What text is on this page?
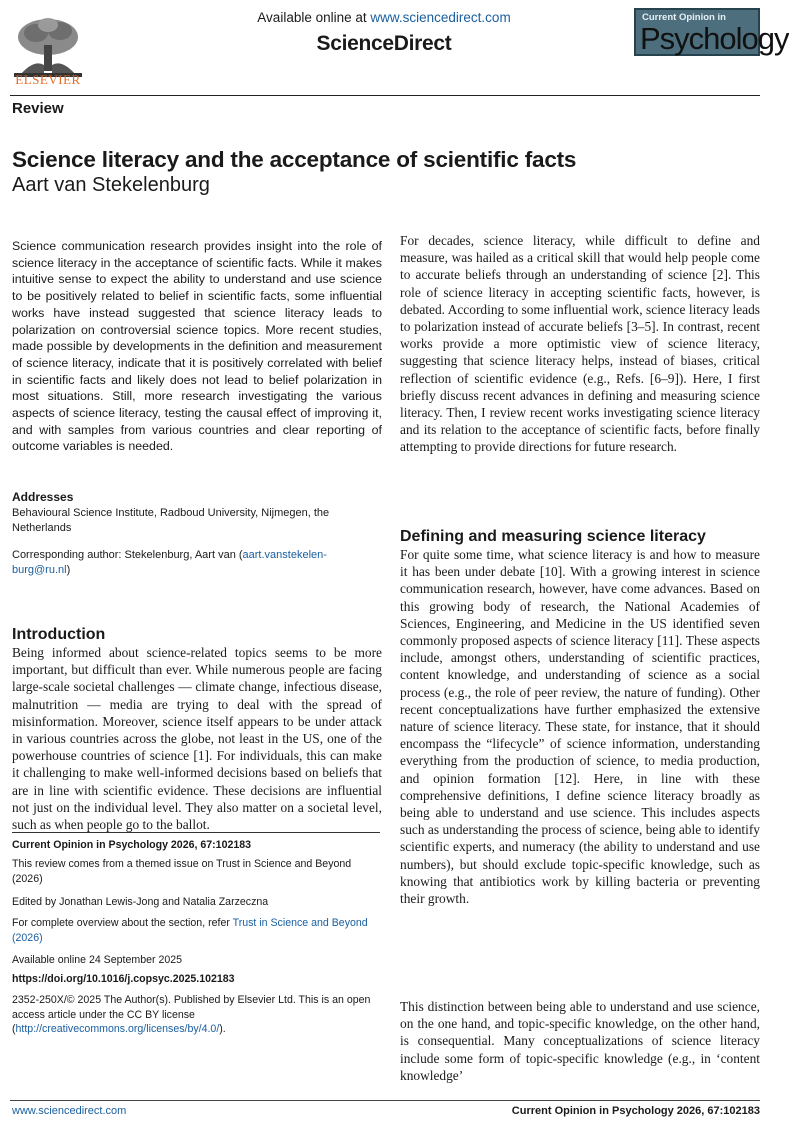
ELSEVIER
Available online at www.sciencedirect.com
ScienceDirect
Current Opinion in
Psychology
Review
Science literacy and the acceptance of scientific facts
Aart van Stekelenburg
Science communication research provides insight into the role of science literacy in the acceptance of scientific facts. While it makes intuitive sense to expect the ability to understand and use science to be positively related to belief in scientific facts, some influential works have instead suggested that science literacy leads to polarization on controversial science topics. More recent studies, made possible by developments in the definition and measurement of science literacy, indicate that it is positively correlated with belief in scientific facts and likely does not lead to belief polarization in most situations. Still, more research investigating the various aspects of science literacy, testing the causal effect of improving it, and with samples from various countries and clear reporting of outcome variables is needed.
Addresses
Behavioural Science Institute, Radboud University, Nijmegen, the Netherlands
Corresponding author: Stekelenburg, Aart van (aart.vanstekelen-burg@ru.nl)
Introduction
Being informed about science-related topics seems to be more important, but difficult than ever. While numerous people are facing large-scale societal challenges — climate change, infectious disease, malnutrition — media are trying to deal with the spread of misinformation. Moreover, science itself appears to be under attack in various countries across the globe, not least in the US, one of the powerhouse countries of science [1]. For individuals, this can make it challenging to make well-informed decisions based on beliefs that are in line with scientific evidence. These decisions are influential not just on the individual level. They also matter on a societal level, such as when people go to the ballot.
Current Opinion in Psychology 2026, 67:102183
This review comes from a themed issue on Trust in Science and Beyond (2026)
Edited by Jonathan Lewis-Jong and Natalia Zarzeczna
For complete overview about the section, refer Trust in Science and Beyond (2026)
Available online 24 September 2025
https://doi.org/10.1016/j.copsyc.2025.102183
2352-250X/© 2025 The Author(s). Published by Elsevier Ltd. This is an open access article under the CC BY license (http://creativecommons.org/licenses/by/4.0/).
For decades, science literacy, while difficult to define and measure, was hailed as a critical skill that would help people come to accurate beliefs through an understanding of science [2]. This role of science literacy in accepting scientific facts, however, is debated. According to some influential work, science literacy leads to polarization instead of accurate beliefs [3–5]. In contrast, recent works provide a more optimistic view of science literacy, suggesting that science literacy helps, instead of biases, critical reflection of scientific evidence (e.g., Refs. [6–9]). Here, I first briefly discuss recent advances in defining and measuring science literacy. Then, I review recent works investigating science literacy and its relation to the acceptance of scientific facts, before finally attempting to provide directions for future research.
Defining and measuring science literacy
For quite some time, what science literacy is and how to measure it has been under debate [10]. With a growing interest in science communication research, however, have come advances. Based on this growing body of research, the National Academies of Sciences, Engineering, and Medicine in the US identified seven commonly proposed aspects of science literacy [11]. These aspects include, amongst others, understanding of scientific practices, content knowledge, and understanding of science as a social process (e.g., the role of peer review, the nature of funding). Other recent conceptualizations have further emphasized the extensive nature of science literacy. These state, for instance, that it should encompass the “lifecycle” of science information, understanding everything from the production of science, to media production, and opinion formation [12]. Here, in line with these comprehensive definitions, I define science literacy broadly as being able to understand and use science. This includes aspects such as understanding the process of science, being able to identify scientific experts, and numeracy (the ability to understand and use numbers), but should exclude topic-specific knowledge, such as knowing that antibiotics work by killing bacteria or preventing their growth.
This distinction between being able to understand and use science, on the one hand, and topic-specific knowledge, on the other hand, is consequential. Many conceptualizations of science literacy include some form of topic-specific knowledge (e.g., in ‘content knowledge’
www.sciencedirect.com	Current Opinion in Psychology 2026, 67:102183
